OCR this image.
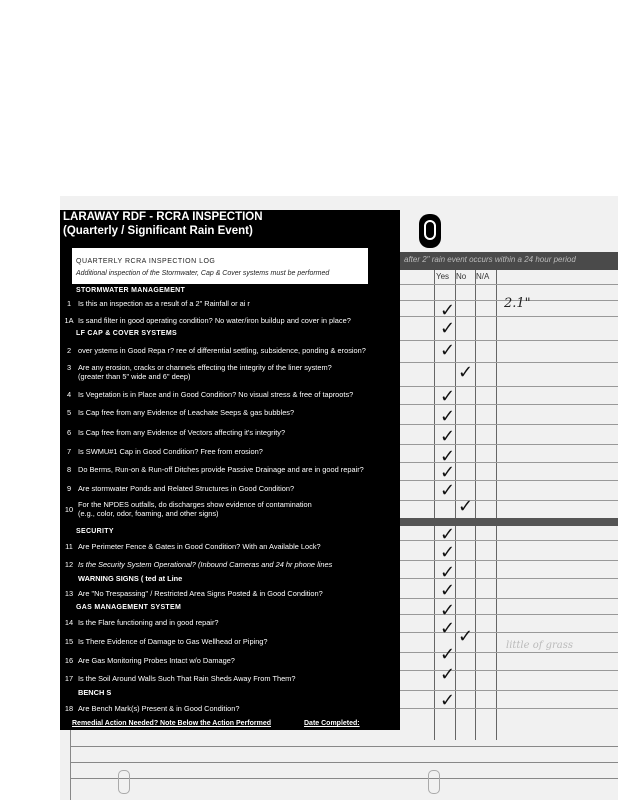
after 2" rain event occurs within a 24 hour period
Yes No N/A
✓
✓
✓
✓
✓
✓
✓
✓
✓
✓
✓
✓
✓
✓
✓
✓
✓ ✓
✓
✓
✓
2.1"
little of grass
LARAWAY RDF - RCRA INSPECTION
(Quarterly / Significant Rain Event)
QUARTERLY RCRA INSPECTION LOG
Additional inspection of the Stormwater, Cap & Cover systems must be performed
STORMWATER MANAGEMENT
1 Is this an inspection as a result of a 2" Rainfall or ai r
1A Is sand filter in good operating condition? No water/iron buildup and cover in place?
LF CAP & COVER SYSTEMS
2 over ystems in Good Repa r? ree of differential settling, subsidence, ponding & erosion?
3 Are any erosion, cracks or channels effecting the integrity of the liner system?
(greater than 5" wide and 6" deep)
4 Is Vegetation is in Place and in Good Condition? No visual stress & free of taproots?
5 Is Cap free from any Evidence of Leachate Seeps & gas bubbles?
6 Is Cap free from any Evidence of Vectors affecting it's integrity?
7 Is SWMU#1 Cap in Good Condition? Free from erosion?
8 Do Berms, Run-on & Run-off Ditches provide Passive Drainage and are in good repair?
9 Are stormwater Ponds and Related Structures in Good Condition?
10
For the NPDES outfalls, do discharges show evidence of contamination
(e.g., color, odor, foaming, and other signs)
SECURITY
11 Are Perimeter Fence & Gates in Good Condition? With an Available Lock?
12 Is the Security System Operational? (Inbound Cameras and 24 hr phone lines
WARNING SIGNS ( ted at Line
13 Are "No Trespassing" / Restricted Area Signs Posted & in Good Condition?
GAS MANAGEMENT SYSTEM
14 Is the Flare functioning and in good repair?
15 Is There Evidence of Damage to Gas Wellhead or Piping?
16 Are Gas Monitoring Probes Intact w/o Damage?
17 Is the Soil Around Walls Such That Rain Sheds Away From Them?
BENCH S
18 Are Bench Mark(s) Present & in Good Condition?
Remedial Action Needed? Note Below the Action Performed	Date Completed:
